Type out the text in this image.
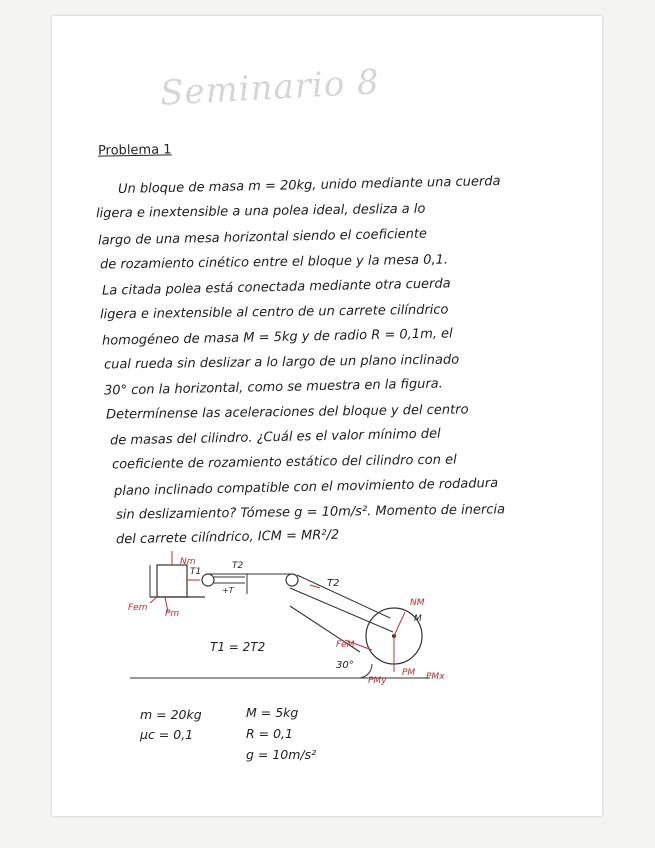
Seminario 8
Problema 1
Un bloque de masa m = 20kg, unido mediante una cuerda
ligera e inextensible a una polea ideal, desliza a lo
largo de una mesa horizontal siendo el coeficiente
de rozamiento cinético entre el bloque y la mesa 0,1.
La citada polea está conectada mediante otra cuerda
ligera e inextensible al centro de un carrete cilíndrico
homogéneo de masa M = 5kg y de radio R = 0,1m, el
cual rueda sin deslizar a lo largo de un plano inclinado
30° con la horizontal, como se muestra en la figura.
Determínense las aceleraciones del bloque y del centro
de masas del cilindro. ¿Cuál es el valor mínimo del
coeficiente de rozamiento estático del cilindro con el
plano inclinado compatible con el movimiento de rodadura
sin deslizamiento? Tómese g = 10m/s². Momento de inercia
del carrete cilíndrico, ICM = MR²/2
Nm
T1
T2
+T
T2
Fem
Pm
T1 = 2T2	FeM
NM
M
30°
PMy
PM PMx
m = 20kg
μc = 0,1
M = 5kg
R = 0,1
g = 10m/s²
